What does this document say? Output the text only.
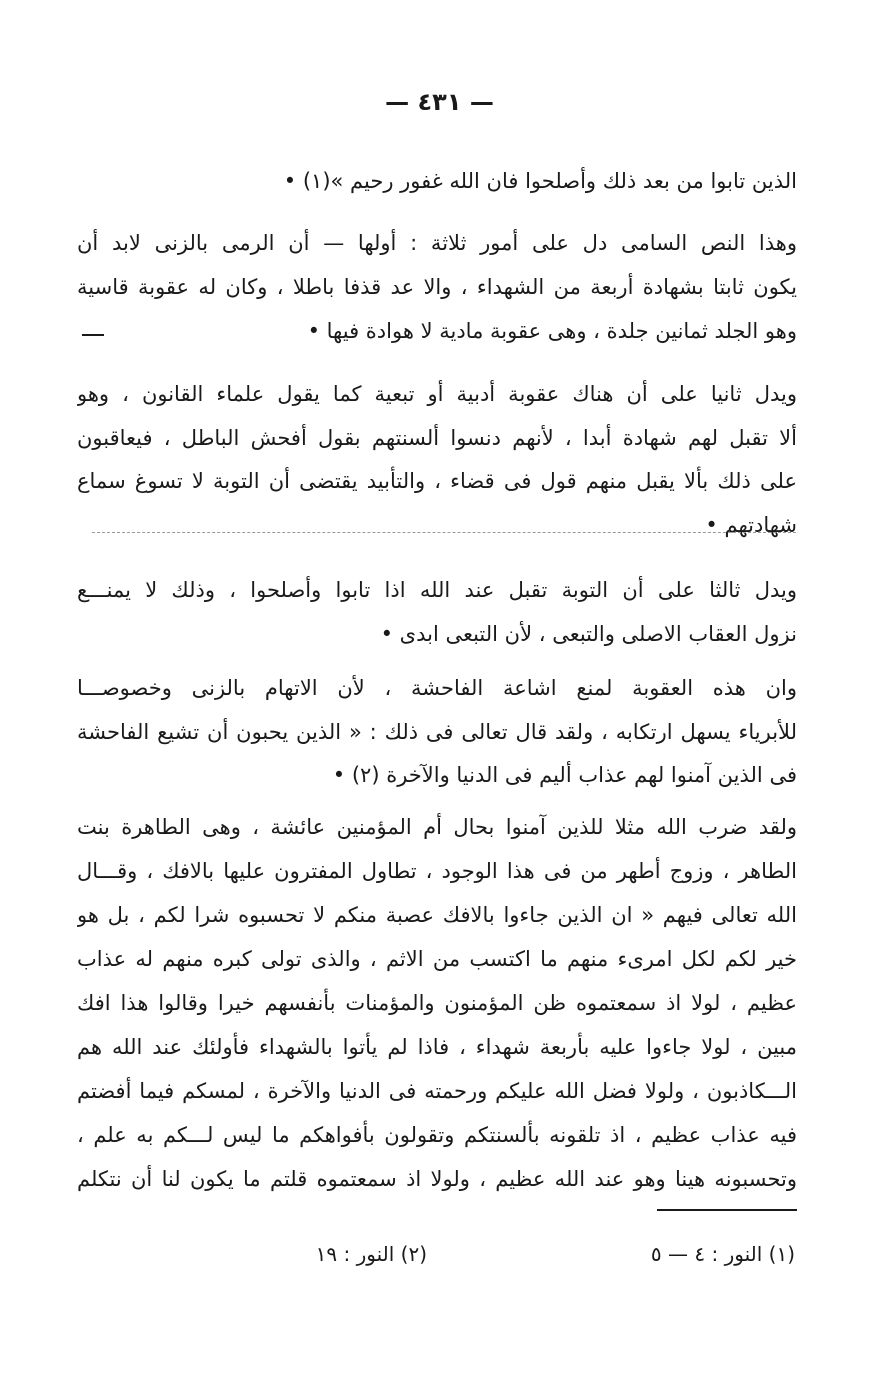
— ٤٣١ —
الذين تابوا من بعد ذلك وأصلحوا فان الله غفور رحيم »(١) •
وهذا النص السامى دل على أمور ثلاثة : أولها — أن الرمى بالزنى لابد أن
يكون ثابتا بشهادة أربعة من الشهداء ، والا عد قذفا باطلا ، وكان له عقوبة قاسية
وهو الجلد ثمانين جلدة ، وهى عقوبة مادية لا هوادة فيها •
ويدل ثانيا على أن هناك عقوبة أدبية أو تبعية كما يقول علماء القانون ، وهو
ألا تقبل لهم شهادة أبدا ، لأنهم دنسوا ألسنتهم بقول أفحش الباطل ، فيعاقبون
على ذلك بألا يقبل منهم قول فى قضاء ، والتأبيد يقتضى أن التوبة لا تسوغ سماع
شهادتهم •
ويدل ثالثا على أن التوبة تقبل عند الله اذا تابوا وأصلحوا ، وذلك لا يمنـــع
نزول العقاب الاصلى والتبعى ، لأن التبعى ابدى •
وان هذه العقوبة لمنع اشاعة الفاحشة ، لأن الاتهام بالزنى وخصوصـــا
للأبرياء يسهل ارتكابه ، ولقد قال تعالى فى ذلك : « الذين يحبون أن تشيع الفاحشة
فى الذين آمنوا لهم عذاب أليم فى الدنيا والآخرة (٢) •
ولقد ضرب الله مثلا للذين آمنوا بحال أم المؤمنين عائشة ، وهى الطاهرة بنت
الطاهر ، وزوج أطهر من فى هذا الوجود ، تطاول المفترون عليها بالافك ، وقـــال
الله تعالى فيهم « ان الذين جاءوا بالافك عصبة منكم لا تحسبوه شرا لكم ، بل هو
خير لكم لكل امرىء منهم ما اكتسب من الاثم ، والذى تولى كبره منهم له عذاب
عظيم ، لولا اذ سمعتموه ظن المؤمنون والمؤمنات بأنفسهم خيرا وقالوا هذا افك
مبين ، لولا جاءوا عليه بأربعة شهداء ، فاذا لم يأتوا بالشهداء فأولئك عند الله هم
الـــكاذبون ، ولولا فضل الله عليكم ورحمته فى الدنيا والآخرة ، لمسكم فيما أفضتم
فيه عذاب عظيم ، اذ تلقونه بألسنتكم وتقولون بأفواهكم ما ليس لـــكم به علم ،
وتحسبونه هينا وهو عند الله عظيم ، ولولا اذ سمعتموه قلتم ما يكون لنا أن نتكلم
(١) النور : ٤ — ٥
(٢) النور : ١٩
